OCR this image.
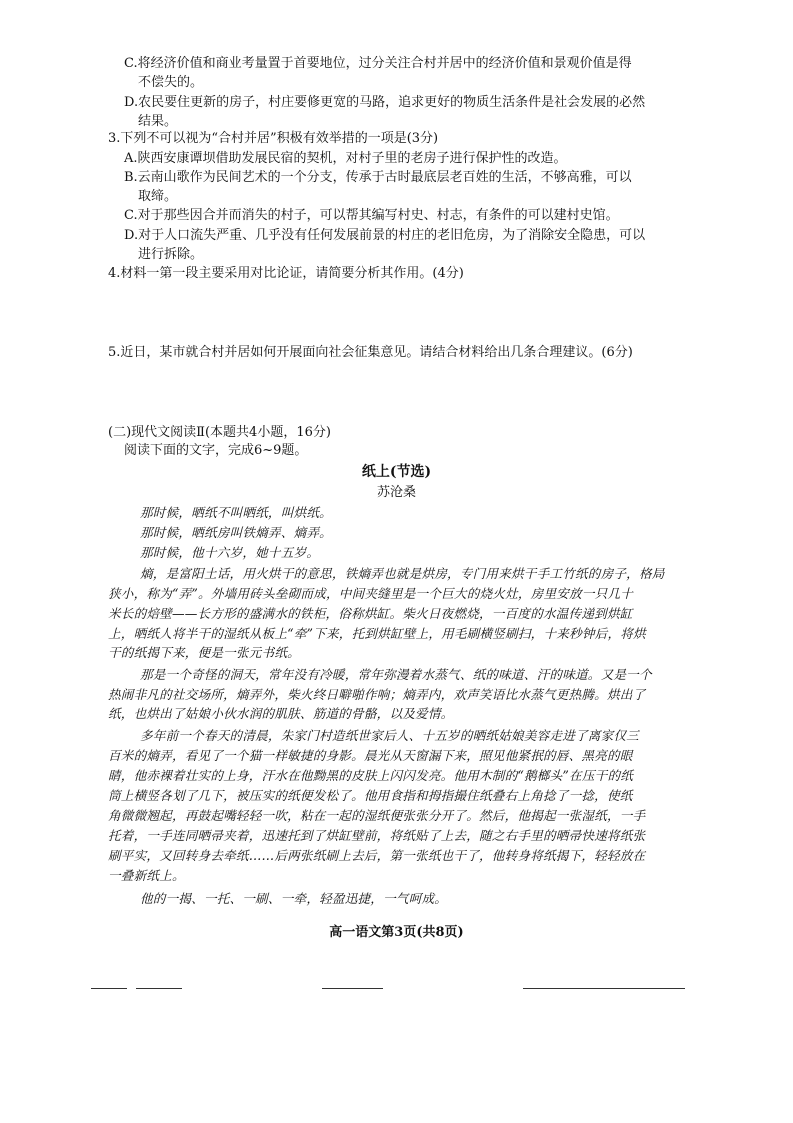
C.将经济价值和商业考量置于首要地位，过分关注合村并居中的经济价值和景观价值是得
不偿失的。
D.农民要住更新的房子，村庄要修更宽的马路，追求更好的物质生活条件是社会发展的必然
结果。
3.下列不可以视为“合村并居”积极有效举措的一项是(3分)
A.陕西安康谭坝借助发展民宿的契机，对村子里的老房子进行保护性的改造。
B.云南山歌作为民间艺术的一个分支，传承于古时最底层老百姓的生活，不够高雅，可以
取缔。
C.对于那些因合并而消失的村子，可以帮其编写村史、村志，有条件的可以建村史馆。
D.对于人口流失严重、几乎没有任何发展前景的村庄的老旧危房，为了消除安全隐患，可以
进行拆除。
4.材料一第一段主要采用对比论证，请简要分析其作用。(4分)
5.近日，某市就合村并居如何开展面向社会征集意见。请结合材料给出几条合理建议。(6分)
(二)现代文阅读Ⅱ(本题共4小题，16分)
阅读下面的文字，完成6~9题。
纸上(节选)
苏沧桑
那时候，晒纸不叫晒纸，叫烘纸。
那时候，晒纸房叫铁熵弄、熵弄。
那时候，他十六岁，她十五岁。
熵，是富阳土话，用火烘干的意思，铁熵弄也就是烘房，专门用来烘干手工竹纸的房子，格局
狭小，称为“弄”。外墙用砖头垒砌而成，中间夹缝里是一个巨大的烧火灶，房里安放一只几十
米长的焙壁——长方形的盛满水的铁柜，俗称烘缸。柴火日夜燃烧，一百度的水温传递到烘缸
上，晒纸人将半干的湿纸从板上“牵”下来，托到烘缸壁上，用毛刷横竖刷扫，十来秒钟后，将烘
干的纸揭下来，便是一张元书纸。
那是一个奇怪的洞天，常年没有冷暖，常年弥漫着水蒸气、纸的味道、汗的味道。又是一个
热闹非凡的社交场所，熵弄外，柴火终日噼啪作响；熵弄内，欢声笑语比水蒸气更热腾。烘出了
纸，也烘出了姑娘小伙水润的肌肤、筋道的骨骼，以及爱情。
多年前一个春天的清晨，朱家门村造纸世家后人、十五岁的晒纸姑娘美容走进了离家仅三
百米的熵弄，看见了一个猫一样敏捷的身影。晨光从天窗漏下来，照见他紧抿的唇、黑亮的眼
睛，他赤裸着壮实的上身，汗水在他黝黑的皮肤上闪闪发亮。他用木制的“鹅榔头”在压干的纸
筒上横竖各划了几下，被压实的纸便发松了。他用食指和拇指撮住纸叠右上角捻了一捻，使纸
角微微翘起，再鼓起嘴轻轻一吹，粘在一起的湿纸便张张分开了。然后，他揭起一张湿纸，一手
托着，一手连同晒帚夹着，迅速托到了烘缸壁前，将纸贴了上去，随之右手里的晒帚快速将纸张
刷平实，又回转身去牵纸……后两张纸刷上去后，第一张纸也干了，他转身将纸揭下，轻轻放在
一叠新纸上。
他的一揭、一托、一刷、一牵，轻盈迅捷，一气呵成。
高一语文第3页(共8页)
